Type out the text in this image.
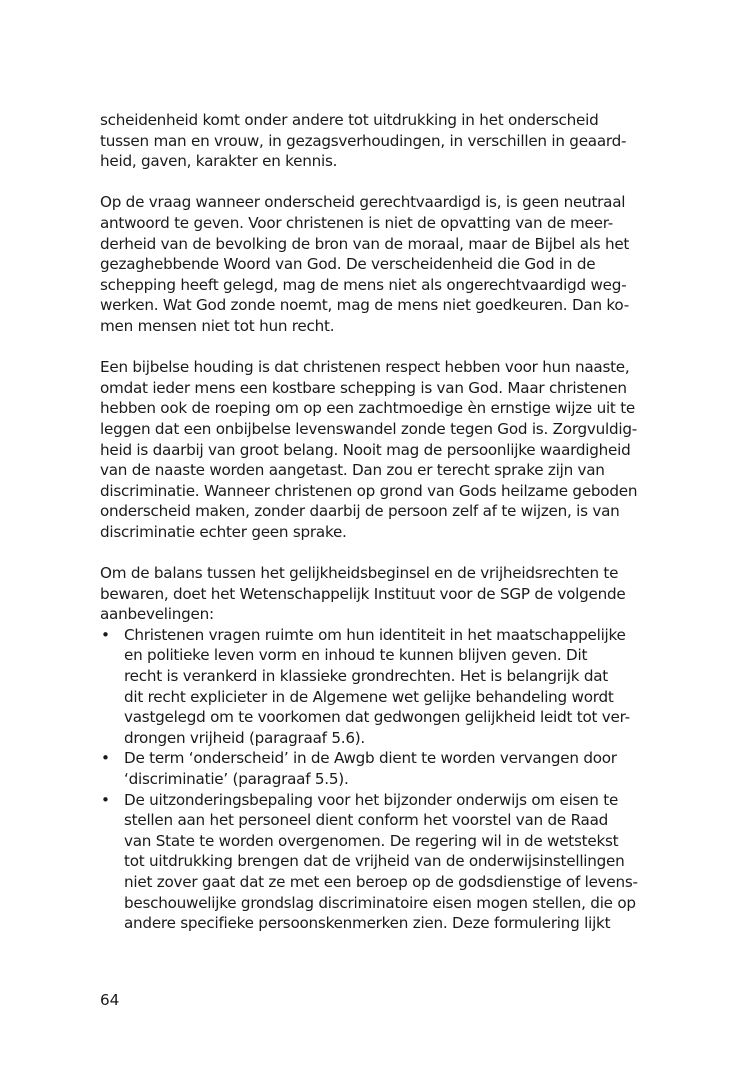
scheidenheid komt onder andere tot uitdrukking in het onderscheid
tussen man en vrouw, in gezagsverhoudingen, in verschillen in geaard-
heid, gaven, karakter en kennis.

Op de vraag wanneer onderscheid gerechtvaardigd is, is geen neutraal
antwoord te geven. Voor christenen is niet de opvatting van de meer-
derheid van de bevolking de bron van de moraal, maar de Bijbel als het
gezaghebbende Woord van God. De verscheidenheid die God in de
schepping heeft gelegd, mag de mens niet als ongerechtvaardigd weg-
werken. Wat God zonde noemt, mag de mens niet goedkeuren. Dan ko-
men mensen niet tot hun recht.

Een bijbelse houding is dat christenen respect hebben voor hun naaste,
omdat ieder mens een kostbare schepping is van God. Maar christenen
hebben ook de roeping om op een zachtmoedige èn ernstige wijze uit te
leggen dat een onbijbelse levenswandel zonde tegen God is. Zorgvuldig-
heid is daarbij van groot belang. Nooit mag de persoonlijke waardigheid
van de naaste worden aangetast. Dan zou er terecht sprake zijn van
discriminatie. Wanneer christenen op grond van Gods heilzame geboden
onderscheid maken, zonder daarbij de persoon zelf af te wijzen, is van
discriminatie echter geen sprake.

Om de balans tussen het gelijkheidsbeginsel en de vrijheidsrechten te
bewaren, doet het Wetenschappelijk Instituut voor de SGP de volgende
aanbevelingen:

• Christenen vragen ruimte om hun identiteit in het maatschappelijke
en politieke leven vorm en inhoud te kunnen blijven geven. Dit
recht is verankerd in klassieke grondrechten. Het is belangrijk dat
dit recht explicieter in de Algemene wet gelijke behandeling wordt
vastgelegd om te voorkomen dat gedwongen gelijkheid leidt tot ver-
drongen vrijheid (paragraaf 5.6).
• De term ‘onderscheid’ in de Awgb dient te worden vervangen door
‘discriminatie’ (paragraaf 5.5).
• De uitzonderingsbepaling voor het bijzonder onderwijs om eisen te
stellen aan het personeel dient conform het voorstel van de Raad
van State te worden overgenomen. De regering wil in de wetstekst
tot uitdrukking brengen dat de vrijheid van de onderwijsinstellingen
niet zover gaat dat ze met een beroep op de godsdienstige of levens-
beschouwelijke grondslag discriminatoire eisen mogen stellen, die op
andere specifieke persoonskenmerken zien. Deze formulering lijkt
64
